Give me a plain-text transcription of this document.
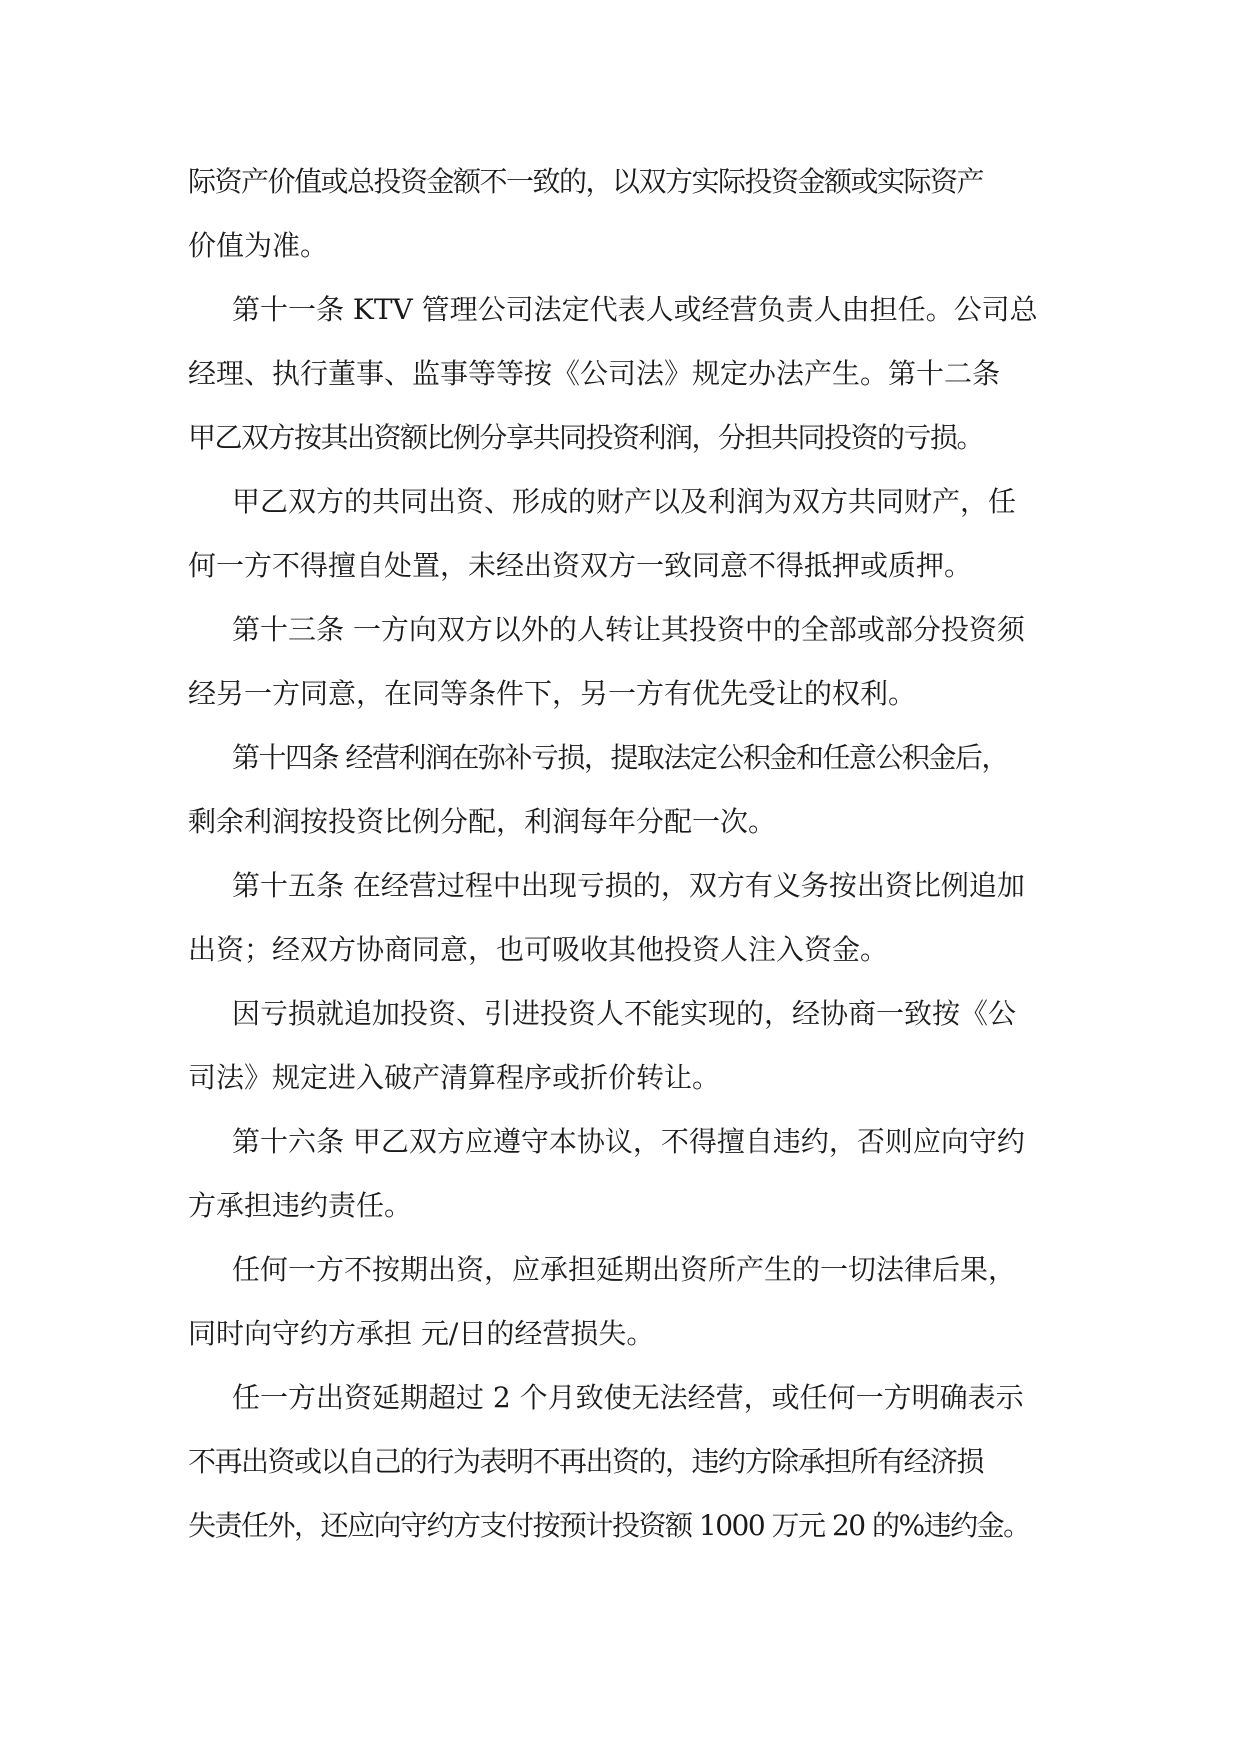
际资产价值或总投资金额不一致的，以双方实际投资金额或实际资产
价值为准。
第十一条 KTV 管理公司法定代表人或经营负责人由担任。公司总
经理、执行董事、监事等等按《公司法》规定办法产生。第十二条
甲乙双方按其出资额比例分享共同投资利润，分担共同投资的亏损。
甲乙双方的共同出资、形成的财产以及利润为双方共同财产，任
何一方不得擅自处置，未经出资双方一致同意不得抵押或质押。
第十三条 一方向双方以外的人转让其投资中的全部或部分投资须
经另一方同意，在同等条件下，另一方有优先受让的权利。
第十四条 经营利润在弥补亏损，提取法定公积金和任意公积金后，
剩余利润按投资比例分配，利润每年分配一次。
第十五条 在经营过程中出现亏损的，双方有义务按出资比例追加
出资；经双方协商同意，也可吸收其他投资人注入资金。
因亏损就追加投资、引进投资人不能实现的，经协商一致按《公
司法》规定进入破产清算程序或折价转让。
第十六条 甲乙双方应遵守本协议，不得擅自违约，否则应向守约
方承担违约责任。
任何一方不按期出资，应承担延期出资所产生的一切法律后果，
同时向守约方承担 元/日的经营损失。
任一方出资延期超过 2 个月致使无法经营，或任何一方明确表示
不再出资或以自己的行为表明不再出资的，违约方除承担所有经济损
失责任外，还应向守约方支付按预计投资额 1000 万元 20 的%违约金。
